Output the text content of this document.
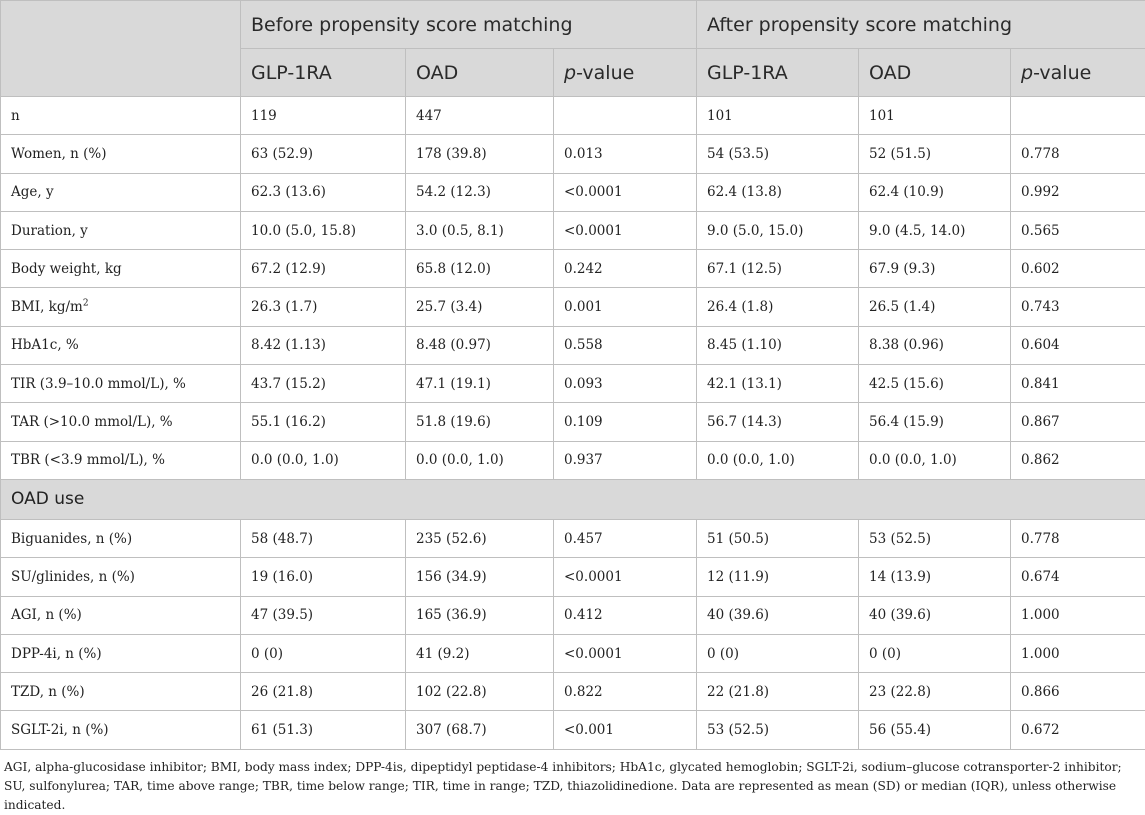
	Before propensity score matching			After propensity score matching		
	GLP-1RA	OAD	p-value	GLP-1RA	OAD	p-value
n	119	447		101	101	
Women, n (%)	63 (52.9)	178 (39.8)	0.013	54 (53.5)	52 (51.5)	0.778
Age, y	62.3 (13.6)	54.2 (12.3)	<0.0001	62.4 (13.8)	62.4 (10.9)	0.992
Duration, y	10.0 (5.0, 15.8)	3.0 (0.5, 8.1)	<0.0001	9.0 (5.0, 15.0)	9.0 (4.5, 14.0)	0.565
Body weight, kg	67.2 (12.9)	65.8 (12.0)	0.242	67.1 (12.5)	67.9 (9.3)	0.602
BMI, $kg/m^2$	26.3 (1.7)	25.7 (3.4)	0.001	26.4 (1.8)	26.5 (1.4)	0.743
HbA1c, %	8.42 (1.13)	8.48 (0.97)	0.558	8.45 (1.10)	8.38 (0.96)	0.604
TIR (3.9–10.0 mmol/L), %	43.7 (15.2)	47.1 (19.1)	0.093	42.1 (13.1)	42.5 (15.6)	0.841
TAR (>10.0 mmol/L), %	55.1 (16.2)	51.8 (19.6)	0.109	56.7 (14.3)	56.4 (15.9)	0.867
TBR (<3.9 mmol/L), %	0.0 (0.0, 1.0)	0.0 (0.0, 1.0)	0.937	0.0 (0.0, 1.0)	0.0 (0.0, 1.0)	0.862
OAD use						
Biguanides, n (%)	58 (48.7)	235 (52.6)	0.457	51 (50.5)	53 (52.5)	0.778
SU/glinides, n (%)	19 (16.0)	156 (34.9)	<0.0001	12 (11.9)	14 (13.9)	0.674
AGI, n (%)	47 (39.5)	165 (36.9)	0.412	40 (39.6)	40 (39.6)	1.000
DPP-4i, n (%)	0 (0)	41 (9.2)	<0.0001	0 (0)	0 (0)	1.000
TZD, n (%)	26 (21.8)	102 (22.8)	0.822	22 (21.8)	23 (22.8)	0.866
SGLT-2i, n (%)	61 (51.3)	307 (68.7)	<0.001	53 (52.5)	56 (55.4)	0.672
AGI, alpha-glucosidase inhibitor; BMI, body mass index; DPP-4is, dipeptidyl peptidase-4 inhibitors; HbA1c, glycated hemoglobin; SGLT-2i, sodium–glucose cotransporter-2 inhibitor; SU, sulfonylurea; TAR, time above range; TBR, time below range; TIR, time in range; TZD, thiazolidinedione. Data are represented as mean (SD) or median (IQR), unless otherwise indicated.
